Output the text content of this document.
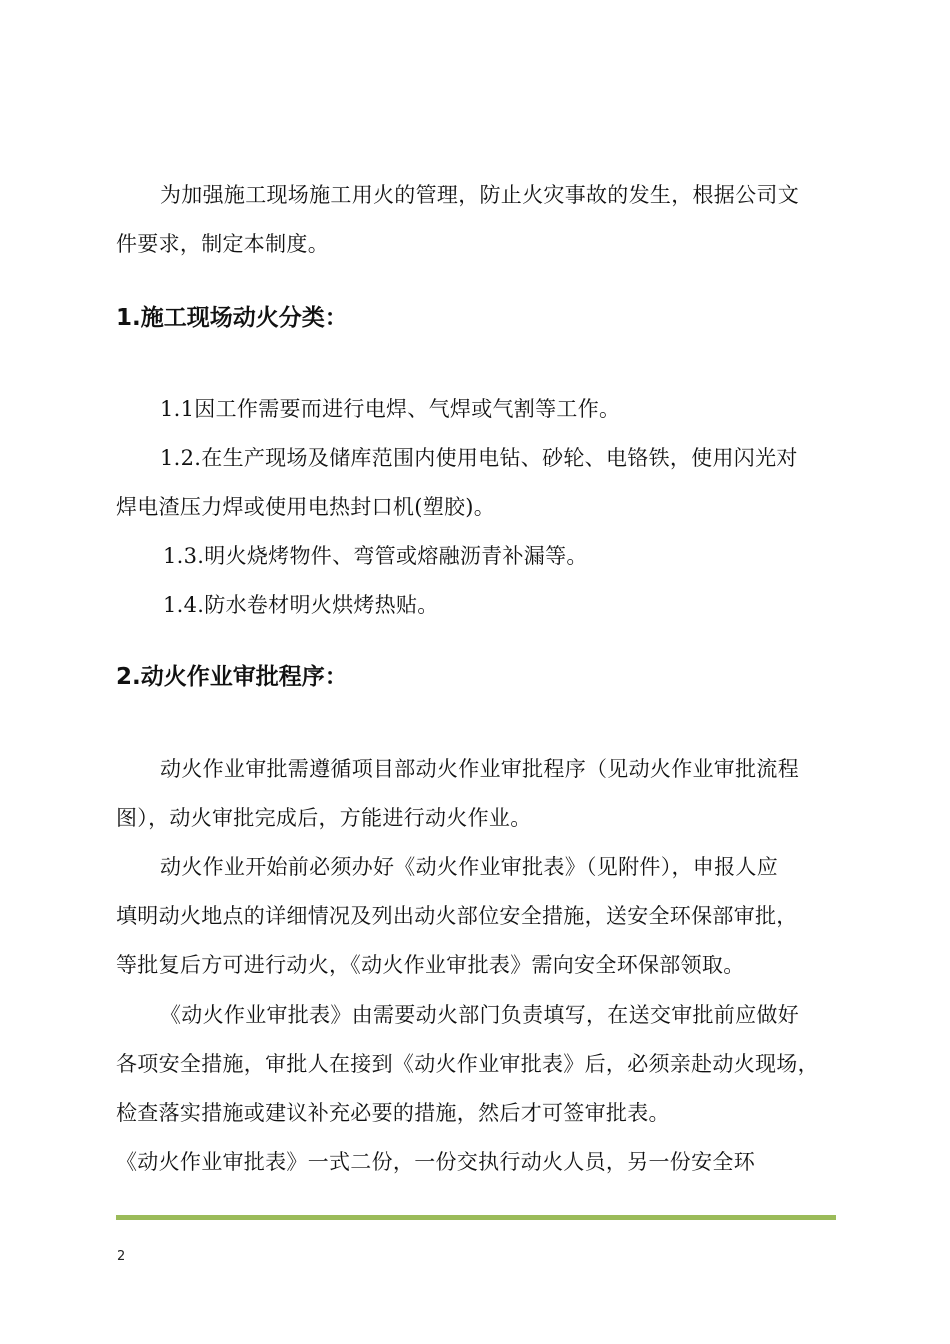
为加强施工现场施工用火的管理，防止火灾事故的发生，根据公司文
件要求，制定本制度。
1.施工现场动火分类：
1.1因工作需要而进行电焊、气焊或气割等工作。
1.2.在生产现场及储库范围内使用电钻、砂轮、电铬铁，使用闪光对
焊电渣压力焊或使用电热封口机(塑胶)。
1.3.明火烧烤物件、弯管或熔融沥青补漏等。
1.4.防水卷材明火烘烤热贴。
2.动火作业审批程序：
动火作业审批需遵循项目部动火作业审批程序（见动火作业审批流程
图），动火审批完成后，方能进行动火作业。
动火作业开始前必须办好《动火作业审批表》（见附件），申报人应
填明动火地点的详细情况及列出动火部位安全措施，送安全环保部审批，
等批复后方可进行动火，《动火作业审批表》需向安全环保部领取。
《动火作业审批表》由需要动火部门负责填写，在送交审批前应做好
各项安全措施，审批人在接到《动火作业审批表》后，必须亲赴动火现场，
检查落实措施或建议补充必要的措施，然后才可签审批表。
《动火作业审批表》一式二份，一份交执行动火人员，另一份安全环
2
